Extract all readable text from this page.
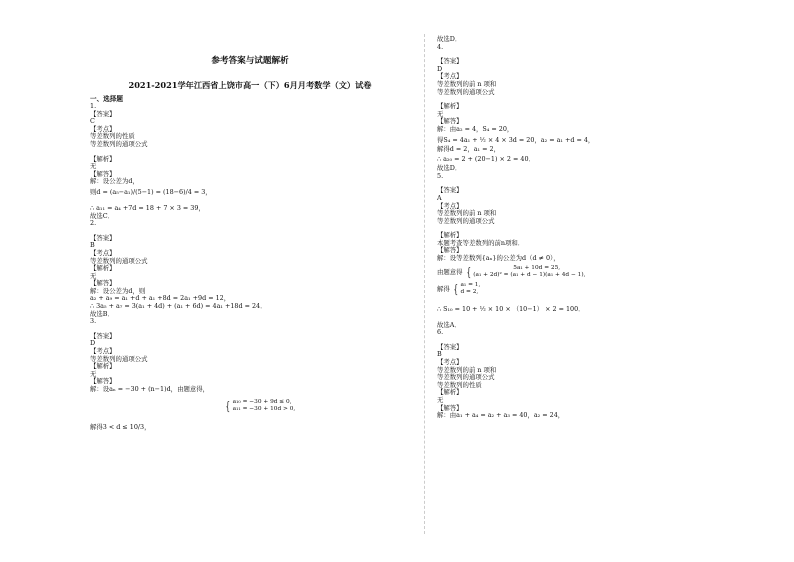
参考答案与试题解析
2021-2021学年江西省上饶市高一（下）6月月考数学（文）试卷
一、选择题
1.
【答案】
C
【考点】
等差数列的性质
等差数列的通项公式
【解析】
无
【解答】
解：设公差为d，
则d = (a₅−a₁)/(5−1) = (18−6)/4 = 3，
∴ a₁₁ = a₄ +7d = 18 + 7 × 3 = 39，
故选C．
2.
【答案】
B
【考点】
等差数列的通项公式
【解析】
无
【解答】
解：设公差为d，则
a₂ + a₉ = a₁ +d + a₁ +8d = 2a₁ +9d = 12，
∴ 3a₅ + a₇ = 3(a₁ + 4d) + (a₁ + 6d) = 4a₁ +18d = 24．
故选B．
3.
【答案】
D
【考点】
等差数列的通项公式
【解析】
无
【解答】
解：设aₙ = −30 + (n−1)d，由题意得，
{ a₁₀ = −30 + 9d ≤ 0,
a₁₁ = −30 + 10d > 0,
解得3 < d ≤ 10/3，
故选D．
4.
【答案】
D
【考点】
等差数列的前 n 项和
等差数列的通项公式
【解析】
无
【解答】
解：由a₂ = 4，S₄ = 20，
得S₄ = 4a₁ + ½ × 4 × 3d = 20，a₂ = a₁ +d = 4，
解得d = 2，a₁ = 2，
∴ a₂₀ = 2 + (20−1) × 2 = 40．
故选D．
5.
【答案】
A
【考点】
等差数列的前 n 项和
等差数列的通项公式
【解析】
本题考查等差数列的前n项和．
【解答】
解：设等差数列{aₙ}的公差为d（d ≠ 0），
由题意得 {	5a₁ + 10d = 25,
(a₁ + 2d)² = (a₁ + d − 1)(a₁ + 4d − 1),
解得 { a₁ = 1,
d = 2,
∴ S₁₀ = 10 + ½ × 10 × （10−1） × 2 = 100．
故选A．
6.
【答案】
B
【考点】
等差数列的前 n 项和
等差数列的通项公式
等差数列的性质
【解析】
无
【解答】
解：由a₁ + a₄ = a₂ + a₃ = 40，a₂ = 24，
